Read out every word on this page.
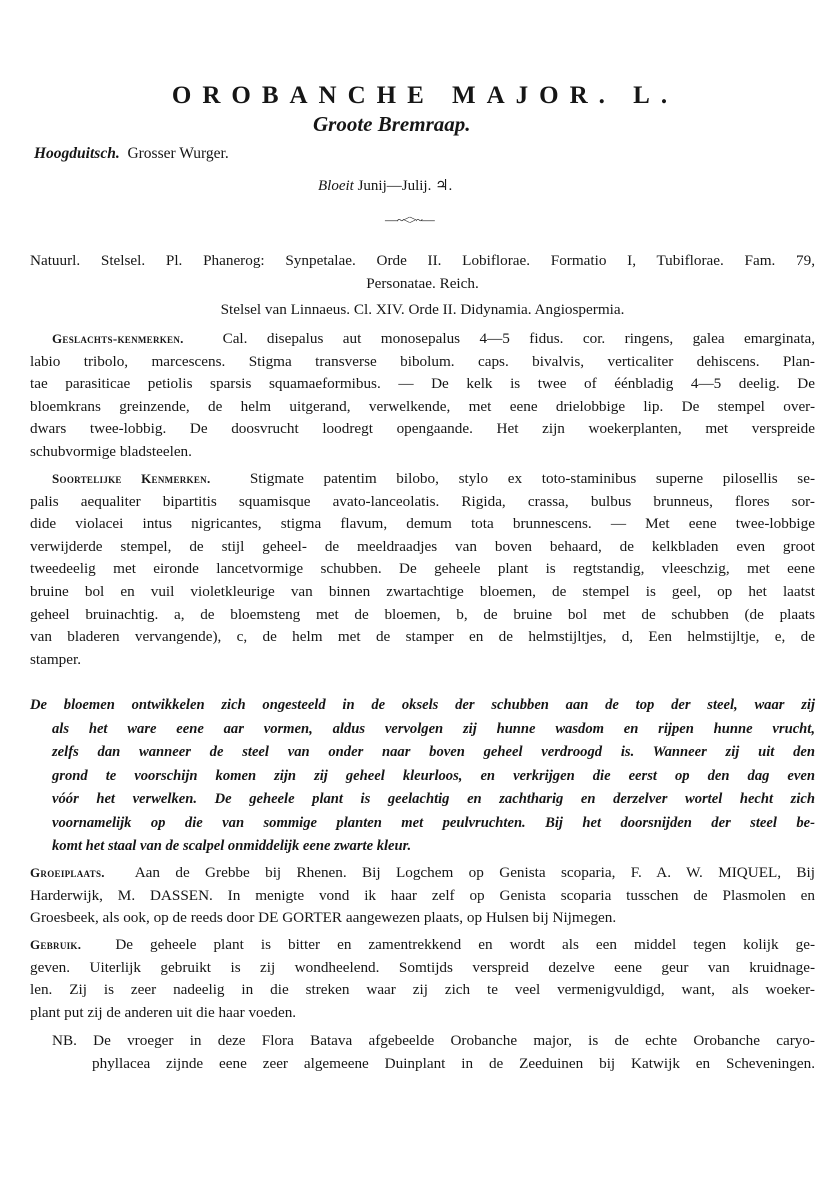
OROBANCHE MAJOR. L.
Groote Bremraap.
Hoogduitsch. Grosser Wurger.
Bloeit Junij—Julij. ♃.
—~<>~—
Natuurl. Stelsel. Pl. Phanerog: Synpetalae. Orde II. Lobiflorae. Formatio I, Tubiflorae. Fam. 79,
Personatae. Reich.
Stelsel van Linnaeus. Cl. XIV. Orde II. Didynamia. Angiospermia.
Geslachts-kenmerken.	Cal. disepalus aut monosepalus 4—5 fidus. cor. ringens, galea emarginata,
labio tribolo, marcescens. Stigma transverse bibolum. caps. bivalvis, verticaliter dehiscens. Plan-
tae parasiticae petiolis sparsis squamaeformibus. — De kelk is twee of éénbladig 4—5 deelig. De
bloemkrans greinzende, de helm uitgerand, verwelkende, met eene drielobbige lip. De stempel over-
dwars twee-lobbig. De doosvrucht loodregt opengaande. Het zijn woekerplanten, met verspreide
schubvormige bladsteelen.
Soortelijke Kenmerken.	Stigmate patentim bilobo, stylo ex toto-staminibus superne pilosellis se-
palis aequaliter bipartitis squamisque avato-lanceolatis. Rigida, crassa, bulbus brunneus, flores sor-
dide violacei intus nigricantes, stigma flavum, demum tota brunnescens. — Met eene twee-lobbige
verwijderde stempel, de stijl geheel- de meeldraadjes van boven behaard, de kelkbladen even groot
tweedeelig met eironde lancetvormige schubben. De geheele plant is regtstandig, vleeschzig, met eene
bruine bol en vuil violetkleurige van binnen zwartachtige bloemen, de stempel is geel, op het laatst
geheel bruinachtig. a, de bloemsteng met de bloemen, b, de bruine bol met de schubben (de plaats
van bladeren vervangende), c, de helm met de stamper en de helmstijltjes, d, Een helmstijltje, e, de
stamper.
De bloemen ontwikkelen zich ongesteeld in de oksels der schubben aan de top der steel, waar zij
als het ware eene aar vormen, aldus vervolgen zij hunne wasdom en rijpen hunne vrucht,
zelfs dan wanneer de steel van onder naar boven geheel verdroogd is. Wanneer zij uit den
grond te voorschijn komen zijn zij geheel kleurloos, en verkrijgen die eerst op den dag even
vóór het verwelken. De geheele plant is geelachtig en zachtharig en derzelver wortel hecht zich
voornamelijk op die van sommige planten met peulvruchten. Bij het doorsnijden der steel be-
komt het staal van de scalpel onmiddelijk eene zwarte kleur.
Groeiplaats. Aan de Grebbe bij Rhenen. Bij Logchem op Genista scoparia, F. A. W. MIQUEL, Bij
Harderwijk, M. DASSEN. In menigte vond ik haar zelf op Genista scoparia tusschen de Plasmolen en
Groesbeek, als ook, op de reeds door DE GORTER aangewezen plaats, op Hulsen bij Nijmegen.
Gebruik. De geheele plant is bitter en zamentrekkend en wordt als een middel tegen kolijk ge-
geven. Uiterlijk gebruikt is zij wondheelend. Somtijds verspreid dezelve eene geur van kruidnage-
len. Zij is zeer nadeelig in die streken waar zij zich te veel vermenigvuldigd, want, als woeker-
plant put zij de anderen uit die haar voeden.
NB. De vroeger in deze Flora Batava afgebeelde Orobanche major, is de echte Orobanche caryo-
phyllacea zijnde eene zeer algemeene Duinplant in de Zeeduinen bij Katwijk en Scheveningen.
